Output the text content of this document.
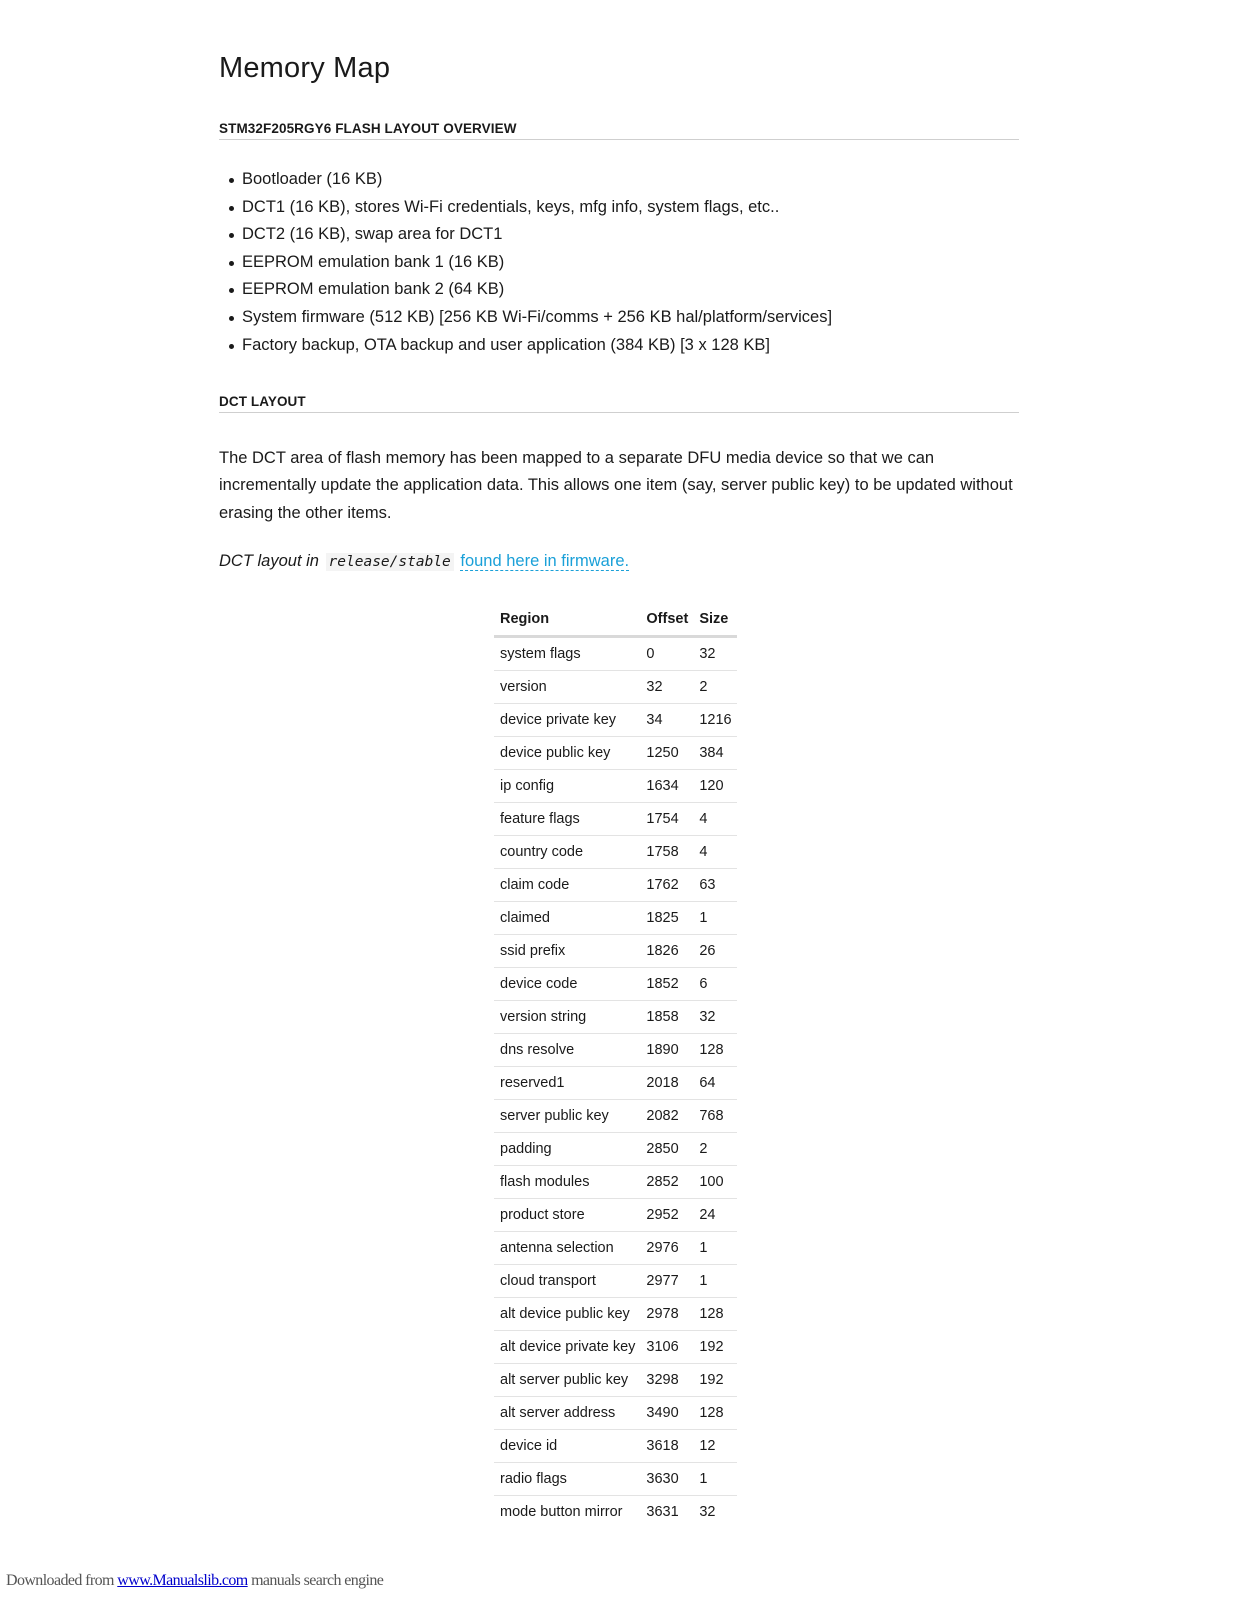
Memory Map
STM32F205RGY6 FLASH LAYOUT OVERVIEW
Bootloader (16 KB)
DCT1 (16 KB), stores Wi-Fi credentials, keys, mfg info, system flags, etc..
DCT2 (16 KB), swap area for DCT1
EEPROM emulation bank 1 (16 KB)
EEPROM emulation bank 2 (64 KB)
System firmware (512 KB) [256 KB Wi-Fi/comms + 256 KB hal/platform/services]
Factory backup, OTA backup and user application (384 KB) [3 x 128 KB]
DCT LAYOUT

The DCT area of flash memory has been mapped to a separate DFU media device so that we can incrementally update the application data. This allows one item (say, server public key) to be updated without erasing the other items.

DCT layout in release/stable found here in firmware.
Region	Offset	Size
system flags	0	32
version	32	2
device private key	34	1216
device public key	1250	384
ip config	1634	120
feature flags	1754	4
country code	1758	4
claim code	1762	63
claimed	1825	1
ssid prefix	1826	26
device code	1852	6
version string	1858	32
dns resolve	1890	128
reserved1	2018	64
server public key	2082	768
padding	2850	2
flash modules	2852	100
product store	2952	24
antenna selection	2976	1
cloud transport	2977	1
alt device public key	2978	128
alt device private key	3106	192
alt server public key	3298	192
alt server address	3490	128
device id	3618	12
radio flags	3630	1
mode button mirror	3631	32
Downloaded from www.Manualslib.com manuals search engine
